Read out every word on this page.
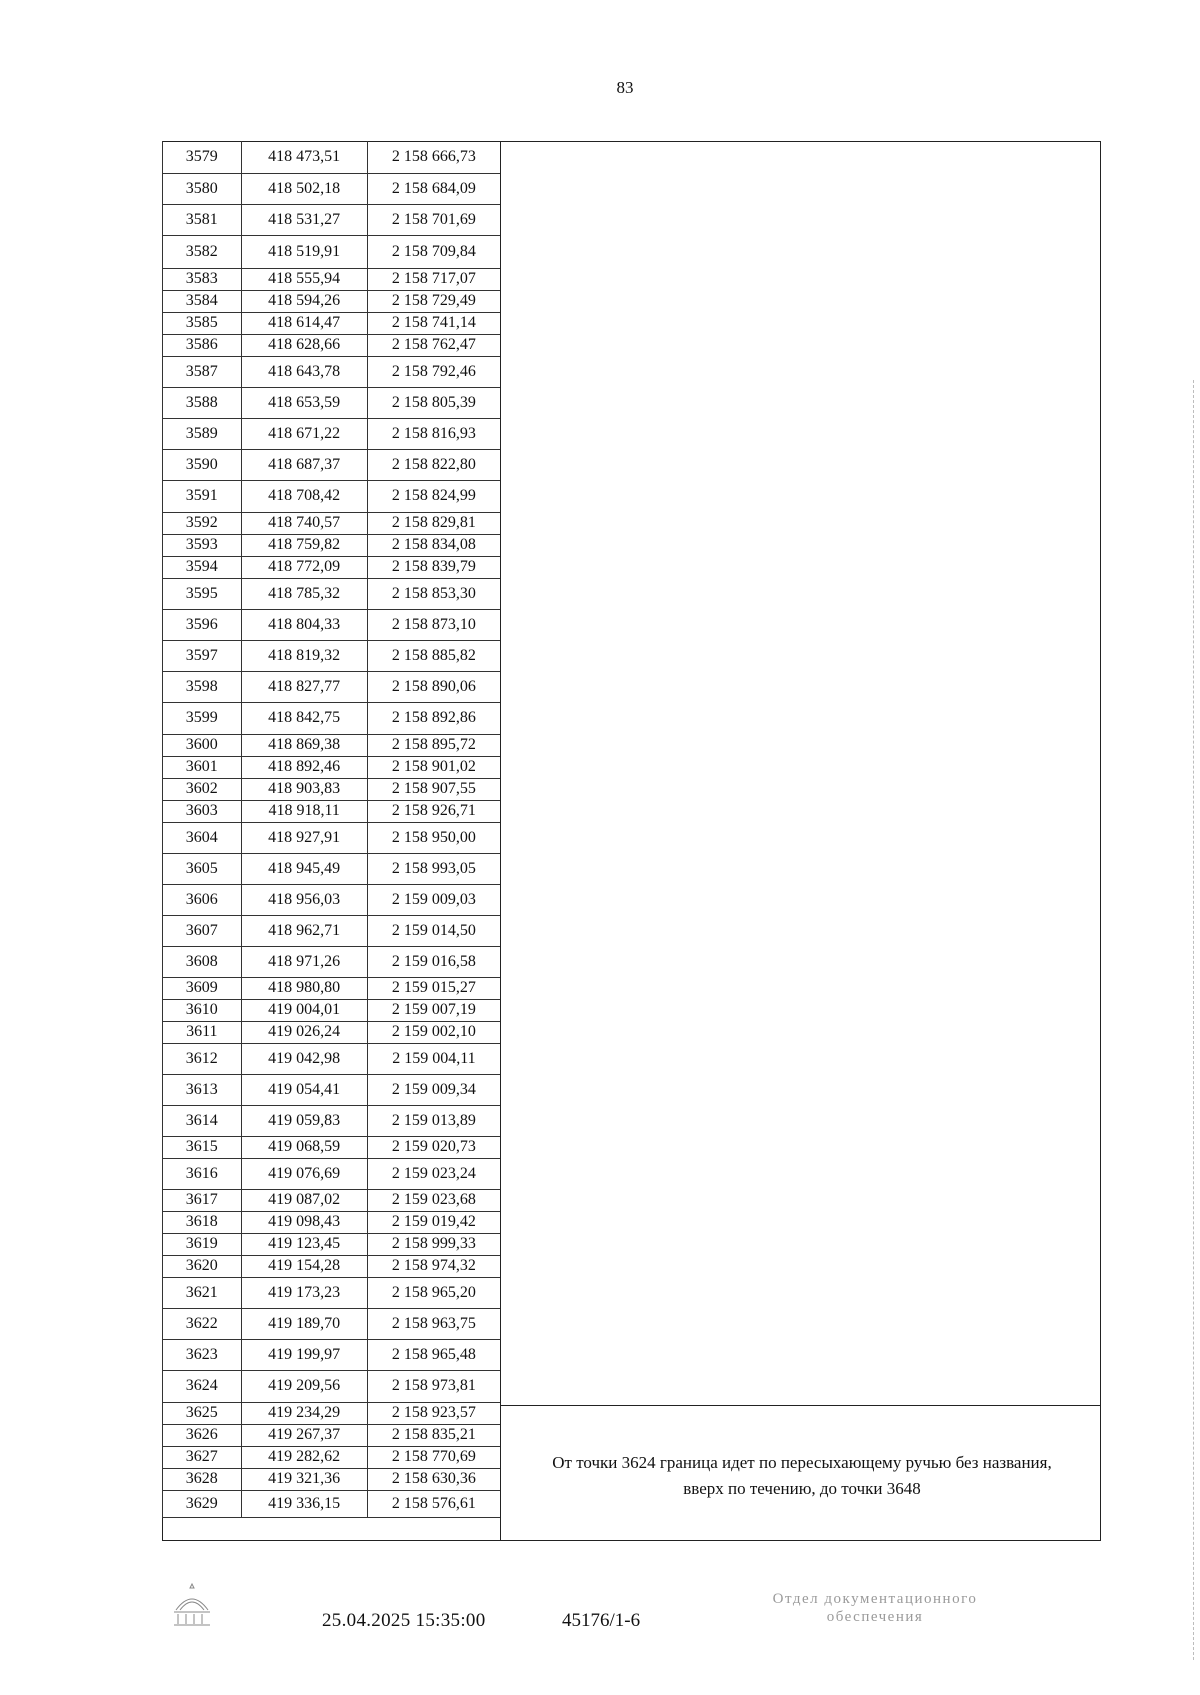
83
3579	418 473,51	2 158 666,73
3580	418 502,18	2 158 684,09
3581	418 531,27	2 158 701,69
3582	418 519,91	2 158 709,84
3583	418 555,94	2 158 717,07
3584	418 594,26	2 158 729,49
3585	418 614,47	2 158 741,14
3586	418 628,66	2 158 762,47
3587	418 643,78	2 158 792,46
3588	418 653,59	2 158 805,39
3589	418 671,22	2 158 816,93
3590	418 687,37	2 158 822,80
3591	418 708,42	2 158 824,99
3592	418 740,57	2 158 829,81
3593	418 759,82	2 158 834,08
3594	418 772,09	2 158 839,79
3595	418 785,32	2 158 853,30
3596	418 804,33	2 158 873,10
3597	418 819,32	2 158 885,82
3598	418 827,77	2 158 890,06
3599	418 842,75	2 158 892,86
3600	418 869,38	2 158 895,72
3601	418 892,46	2 158 901,02
3602	418 903,83	2 158 907,55
3603	418 918,11	2 158 926,71
3604	418 927,91	2 158 950,00
3605	418 945,49	2 158 993,05
3606	418 956,03	2 159 009,03
3607	418 962,71	2 159 014,50
3608	418 971,26	2 159 016,58
3609	418 980,80	2 159 015,27
3610	419 004,01	2 159 007,19
3611	419 026,24	2 159 002,10
3612	419 042,98	2 159 004,11
3613	419 054,41	2 159 009,34
3614	419 059,83	2 159 013,89
3615	419 068,59	2 159 020,73
3616	419 076,69	2 159 023,24
3617	419 087,02	2 159 023,68
3618	419 098,43	2 159 019,42
3619	419 123,45	2 158 999,33
3620	419 154,28	2 158 974,32
3621	419 173,23	2 158 965,20
3622	419 189,70	2 158 963,75
3623	419 199,97	2 158 965,48
3624	419 209,56	2 158 973,81
3625	419 234,29	2 158 923,57
3626	419 267,37	2 158 835,21
3627	419 282,62	2 158 770,69
3628	419 321,36	2 158 630,36
3629	419 336,15	2 158 576,61
От точки 3624 граница идет по пересыхающему ручью без названия,
вверх по течению, до точки 3648
25.04.2025 15:35:00	45176/1-6
Отдел документационного
обеспечения
